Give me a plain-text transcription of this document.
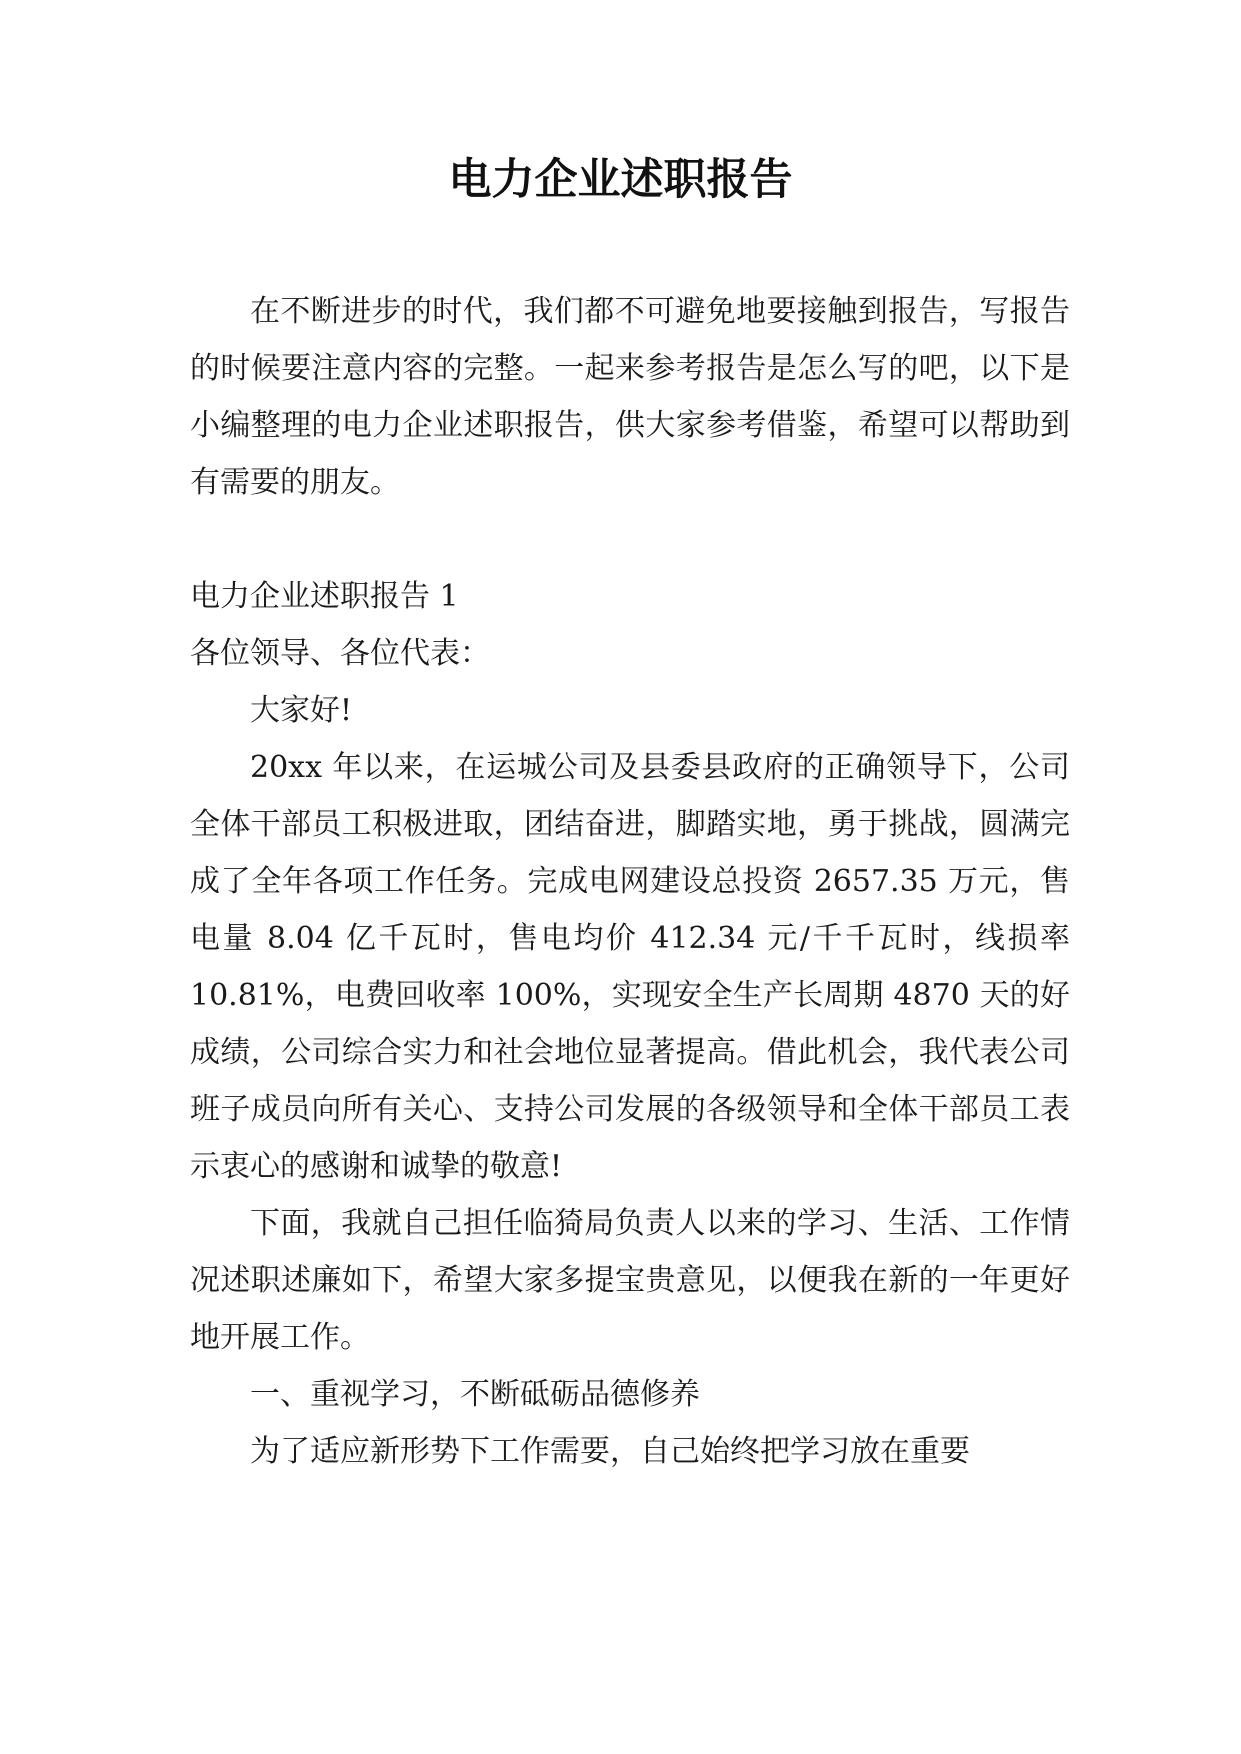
电力企业述职报告

在不断进步的时代，我们都不可避免地要接触到报告，写报告的时候要注意内容的完整。一起来参考报告是怎么写的吧，以下是小编整理的电力企业述职报告，供大家参考借鉴，希望可以帮助到有需要的朋友。

电力企业述职报告 1

各位领导、各位代表：

大家好!

20xx 年以来，在运城公司及县委县政府的正确领导下，公司全体干部员工积极进取，团结奋进，脚踏实地，勇于挑战，圆满完成了全年各项工作任务。完成电网建设总投资 2657.35 万元，售电量 8.04 亿千瓦时，售电均价 412.34 元/千千瓦时，线损率 10.81%，电费回收率 100%，实现安全生产长周期 4870 天的好成绩，公司综合实力和社会地位显著提高。借此机会，我代表公司班子成员向所有关心、支持公司发展的各级领导和全体干部员工表示衷心的感谢和诚挚的敬意!

下面，我就自己担任临猗局负责人以来的学习、生活、工作情况述职述廉如下，希望大家多提宝贵意见，以便我在新的一年更好地开展工作。

一、重视学习，不断砥砺品德修养

为了适应新形势下工作需要，自己始终把学习放在重要
